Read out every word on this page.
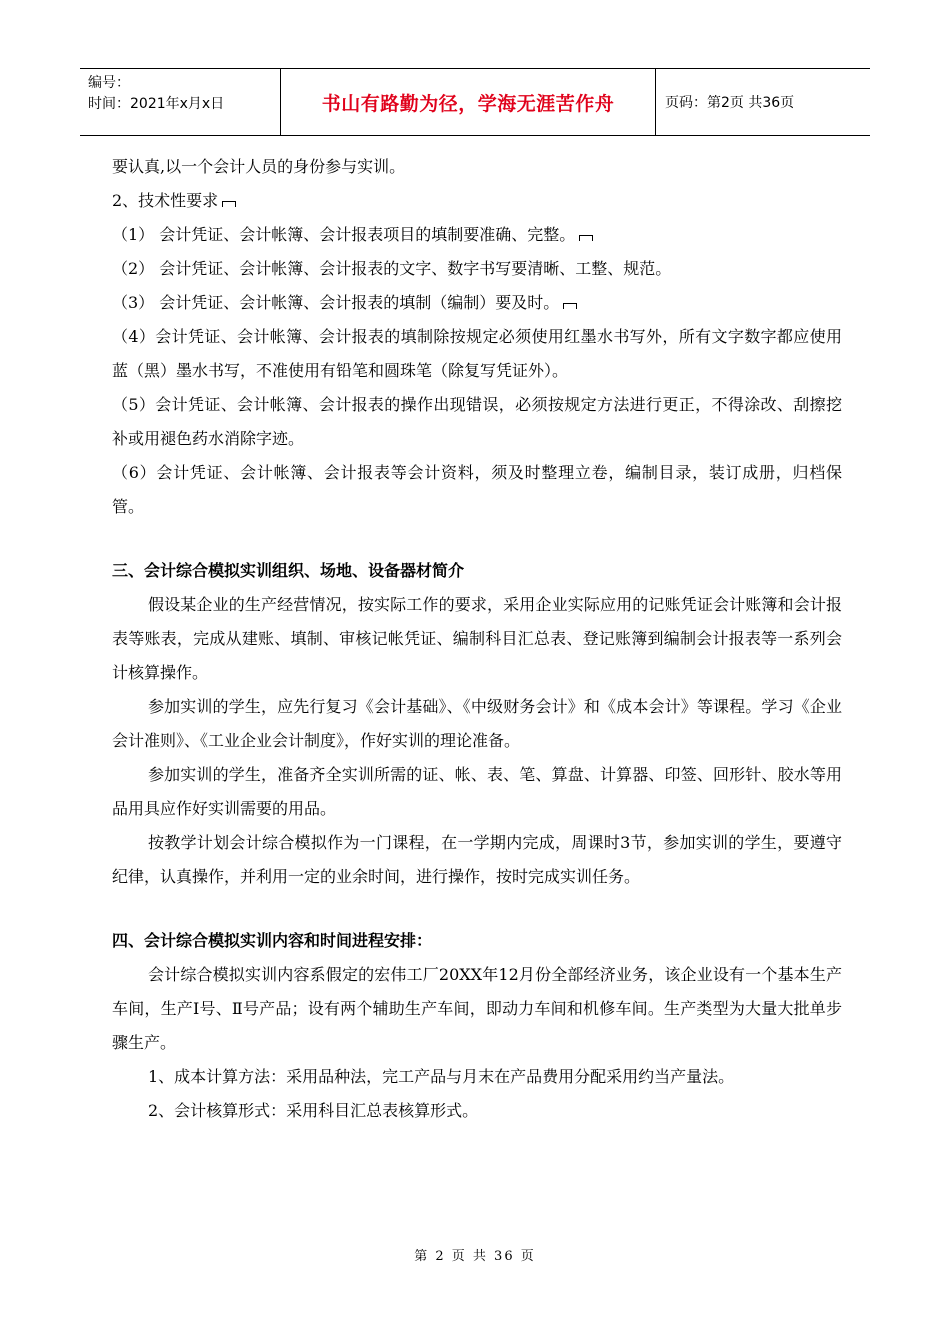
编号：
时间：2021年x月x日	书山有路勤为径，学海无涯苦作舟	页码：第2页 共36页

要认真,以一个会计人员的身份参与实训。

2、技术性要求

（1） 会计凭证、会计帐簿、会计报表项目的填制要准确、完整。

（2） 会计凭证、会计帐簿、会计报表的文字、数字书写要清晰、工整、规范。

（3） 会计凭证、会计帐簿、会计报表的填制（编制）要及时。

（4）会计凭证、会计帐簿、会计报表的填制除按规定必须使用红墨水书写外，所有文字数字都应使用蓝（黑）墨水书写，不准使用有铅笔和圆珠笔（除复写凭证外）。

（5）会计凭证、会计帐簿、会计报表的操作出现错误，必须按规定方法进行更正，不得涂改、刮擦挖补或用褪色药水消除字迹。

（6）会计凭证、会计帐簿、会计报表等会计资料，须及时整理立卷，编制目录，装订成册，归档保管。

三、会计综合模拟实训组织、场地、设备器材简介

假设某企业的生产经营情况，按实际工作的要求，采用企业实际应用的记账凭证会计账簿和会计报表等账表，完成从建账、填制、审核记帐凭证、编制科目汇总表、登记账簿到编制会计报表等一系列会计核算操作。

参加实训的学生，应先行复习《会计基础》、《中级财务会计》和《成本会计》等课程。学习《企业会计准则》、《工业企业会计制度》，作好实训的理论准备。

参加实训的学生，准备齐全实训所需的证、帐、表、笔、算盘、计算器、印签、回形针、胶水等用品用具应作好实训需要的用品。

按教学计划会计综合模拟作为一门课程，在一学期内完成，周课时3节，参加实训的学生，要遵守纪律，认真操作，并利用一定的业余时间，进行操作，按时完成实训任务。

四、会计综合模拟实训内容和时间进程安排：

会计综合模拟实训内容系假定的宏伟工厂20XX年12月份全部经济业务，该企业设有一个基本生产车间，生产Ⅰ号、Ⅱ号产品；设有两个辅助生产车间，即动力车间和机修车间。生产类型为大量大批单步骤生产。

1、成本计算方法：采用品种法，完工产品与月末在产品费用分配采用约当产量法。

2、会计核算形式：采用科目汇总表核算形式。

第 2 页 共 36 页
